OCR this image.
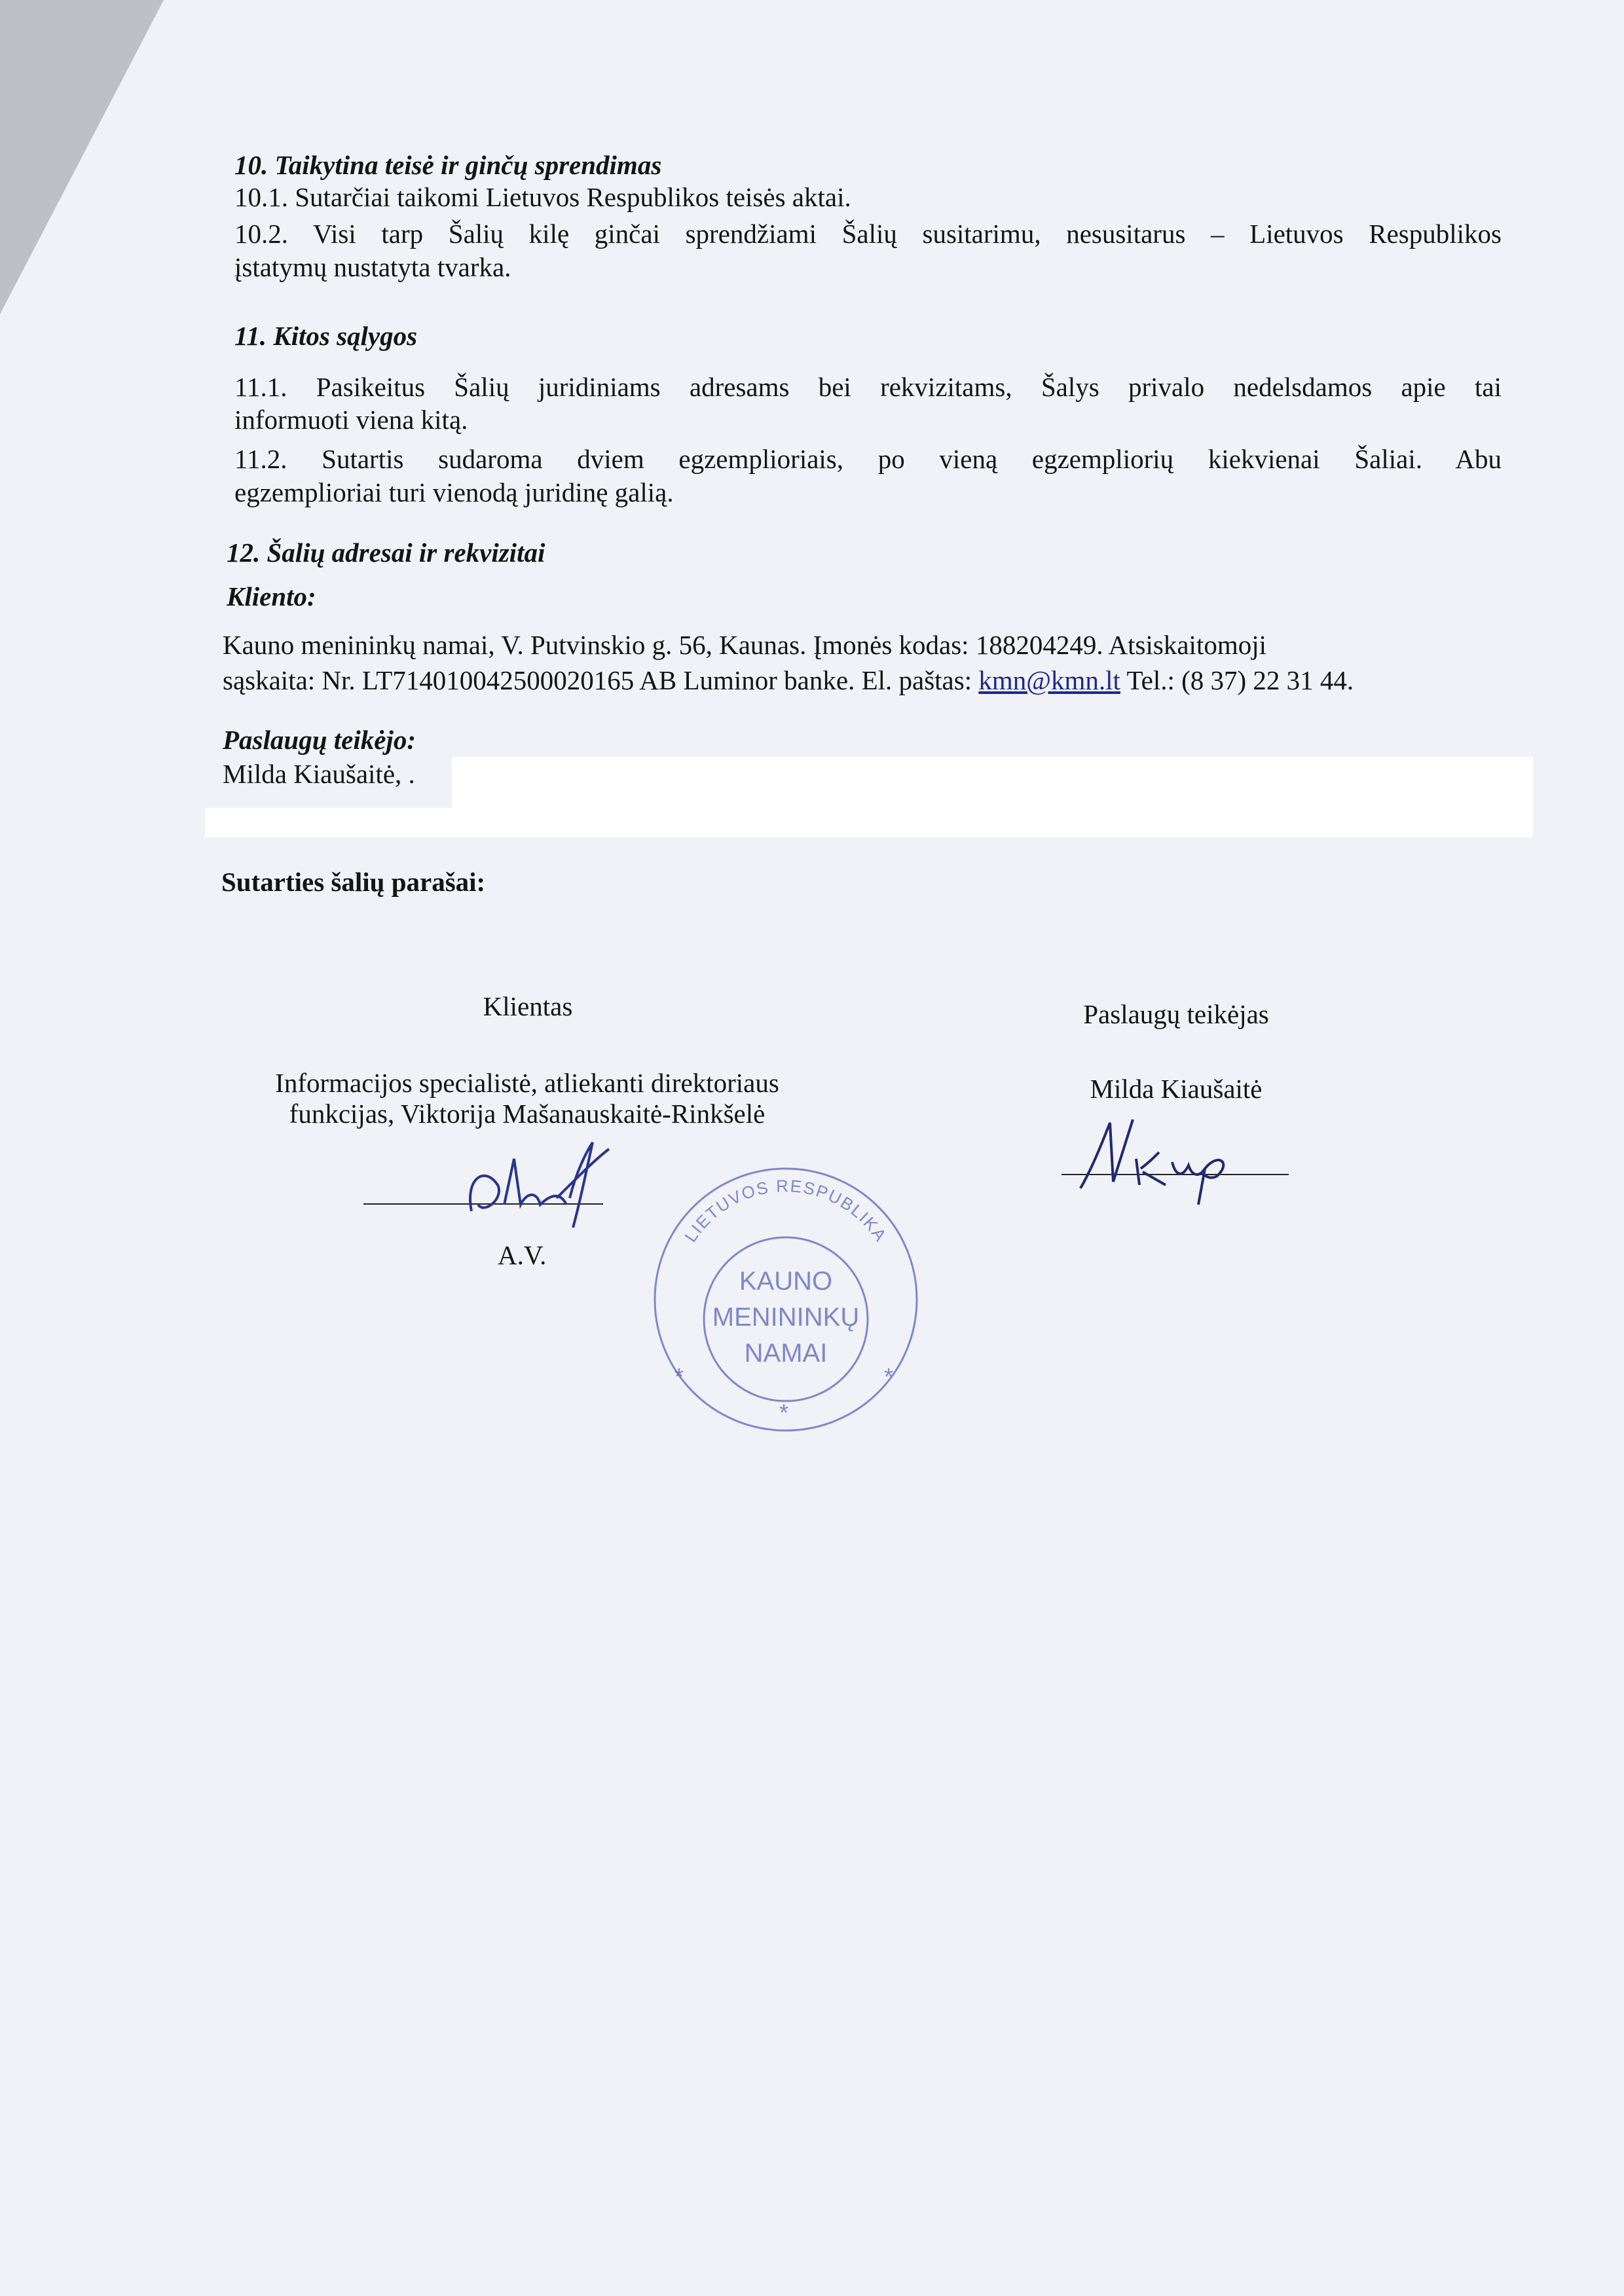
10. Taikytina teisė ir ginčų sprendimas
10.1. Sutarčiai taikomi Lietuvos Respublikos teisės aktai.
10.2. Visi tarp Šalių kilę ginčai sprendžiami Šalių susitarimu, nesusitarus – Lietuvos Respublikos
įstatymų nustatyta tvarka.
11. Kitos sąlygos
11.1. Pasikeitus Šalių juridiniams adresams bei rekvizitams, Šalys privalo nedelsdamos apie tai
informuoti viena kitą.
11.2. Sutartis sudaroma dviem egzemplioriais, po vieną egzempliorių kiekvienai Šaliai. Abu
egzemplioriai turi vienodą juridinę galią.
12. Šalių adresai ir rekvizitai
Kliento:
Kauno menininkų namai, V. Putvinskio g. 56, Kaunas. Įmonės kodas: 188204249. Atsiskaitomoji
sąskaita: Nr. LT714010042500020165 AB Luminor banke. El. paštas: kmn@kmn.lt Tel.: (8 37) 22 31 44.
Paslaugų teikėjo:
Milda Kiaušaitė, .
Sutarties šalių parašai:
Klientas
Informacijos specialistė, atliekanti direktoriaus
funkcijas, Viktorija Mašanauskaitė-Rinkšelė
A.V.
Paslaugų teikėjas
Milda Kiaušaitė
LIETUVOS RESPUBLIKA
KAUNO
MENININKŲ
NAMAI
*	*
*
